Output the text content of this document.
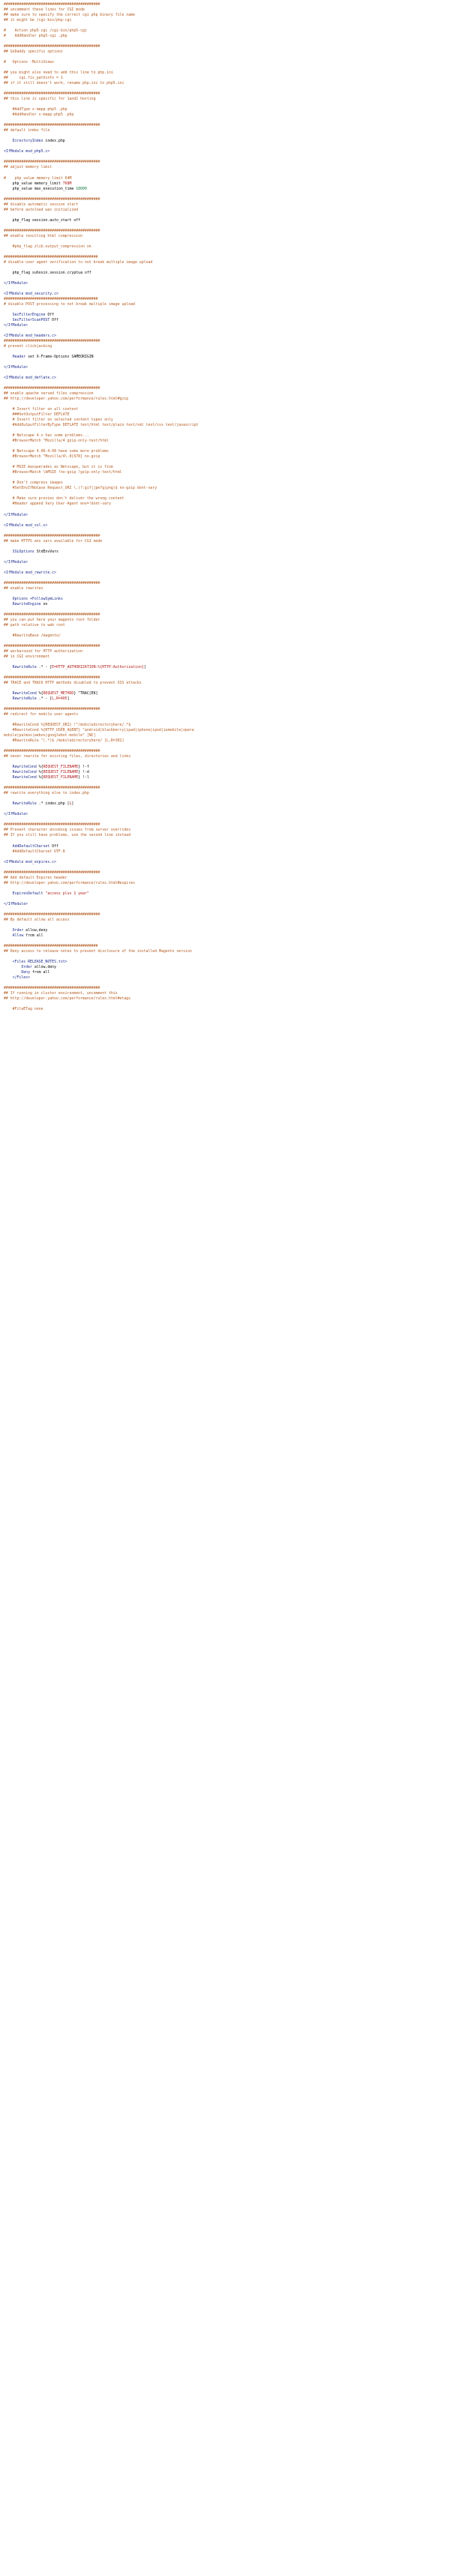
############################################
## uncomment these lines for CGI mode
## make sure to specify the correct cgi php binary file name
## it might be /cgi-bin/php-cgi

#    Action php5-cgi /cgi-bin/php5-cgi
#    AddHandler php5-cgi .php

############################################
## GoDaddy specific options

#   Options -MultiViews

## you might also need to add this line to php.ini
##     cgi.fix_pathinfo = 1
## if it still doesn't work, rename php.ini to php5.ini

############################################
## this line is specific for 1and1 hosting

#AddType x-mapp-php5 .php
#AddHandler x-mapp-php5 .php

############################################
## default index file

DirectoryIndex index.php

<IfModule mod_php5.c>

############################################
## adjust memory limit

#    php_value memory_limit 64M
php_value memory_limit 768M
php_value max_execution_time 18000

############################################
## disable automatic session start
## before autoload was initialized

php_flag session.auto_start off

############################################
## enable resulting html compression

#php_flag zlib.output_compression on

###########################################
# disable user agent verification to not break multiple image upload

php_flag suhosin.session.cryptua off

</IfModule>

<IfModule mod_security.c>
###########################################
# disable POST processing to not break multiple image upload

SecFilterEngine Off
SecFilterScanPOST Off
</IfModule>

<IfModule mod_headers.c>
############################################
# prevent clickjacking

Header set X-Frame-Options SAMEORIGIN

</IfModule>

<IfModule mod_deflate.c>

############################################
## enable apache served files compression
## http://developer.yahoo.com/performance/rules.html#gzip

# Insert filter on all content
###SetOutputFilter DEFLATE
# Insert filter on selected content types only
#AddOutputFilterByType DEFLATE text/html text/plain text/xml text/css text/javascript

# Netscape 4.x has some problems...
#BrowserMatch ^Mozilla/4 gzip-only-text/html

# Netscape 4.06-4.08 have some more problems
#BrowserMatch ^Mozilla/4\.0[678] no-gzip

# MSIE masquerades as Netscape, but it is fine
#BrowserMatch \bMSIE !no-gzip !gzip-only-text/html

# Don't compress images
#SetEnvIfNoCase Request_URI \.(?:gif|jpe?g|png)$ no-gzip dont-vary

# Make sure proxies don't deliver the wrong content
#Header append Vary User-Agent env=!dont-vary

</IfModule>

<IfModule mod_ssl.c>

############################################
## make HTTPS env vars available for CGI mode

SSLOptions StdEnvVars

</IfModule>

<IfModule mod_rewrite.c>

############################################
## enable rewrites

Options +FollowSymLinks
RewriteEngine on

############################################
## you can put here your magento root folder
## path relative to web root

#RewriteBase /magento/

############################################
## workaround for HTTP authorization
## in CGI environment

RewriteRule .* - [E=HTTP_AUTHORIZATION:%{HTTP:Authorization}]

############################################
## TRACE and TRACK HTTP methods disabled to prevent XSS attacks

RewriteCond %{REQUEST_METHOD} ^TRAC[EK]
RewriteRule .* - [L,R=405]

############################################
## redirect for mobile user agents

#RewriteCond %{REQUEST_URI} !^/mobiledirectoryhere/.*$
#RewriteCond %{HTTP_USER_AGENT} "android|blackberry|ipad|iphone|ipod|iemobile|opera
mobile|palmos|webos|googlebot-mobile" [NC]
#RewriteRule ^(.*)$ /mobiledirectoryhere/ [L,R=302]

############################################
## never rewrite for existing files, directories and links

RewriteCond %{REQUEST_FILENAME} !-f
RewriteCond %{REQUEST_FILENAME} !-d
RewriteCond %{REQUEST_FILENAME} !-l

############################################
## rewrite everything else to index.php

RewriteRule .* index.php [L]

</IfModule>

############################################
## Prevent character encoding issues from server overrides
## If you still have problems, use the second line instead

AddDefaultCharset Off
#AddDefaultCharset UTF-8

<IfModule mod_expires.c>

############################################
## Add default Expires header
## http://developer.yahoo.com/performance/rules.html#expires

ExpiresDefault "access plus 1 year"

</IfModule>

############################################
## By default allow all access

Order allow,deny
Allow from all

###########################################
## Deny access to release notes to prevent disclosure of the installed Magento version

<Files RELEASE_NOTES.txt>
Order allow,deny
Deny from all
</Files>

############################################
## If running in cluster environment, uncomment this
## http://developer.yahoo.com/performance/rules.html#etags

#FileETag none
